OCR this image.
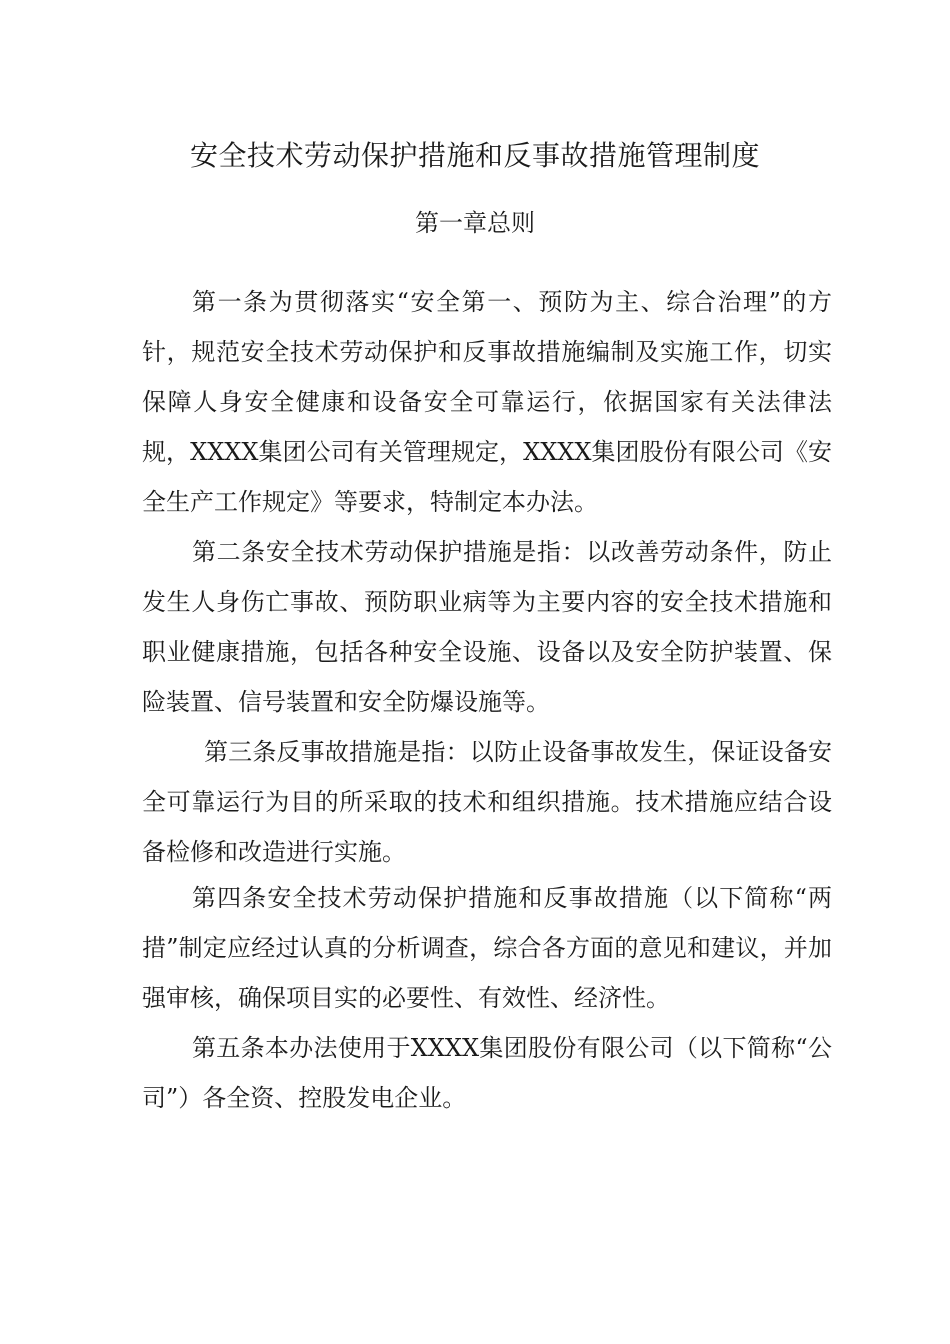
安全技术劳动保护措施和反事故措施管理制度
第一章总则

第一条为贯彻落实“安全第一、预防为主、综合治理”的方针，规范安全技术劳动保护和反事故措施编制及实施工作，切实保障人身安全健康和设备安全可靠运行，依据国家有关法律法规，XXXX集团公司有关管理规定，XXXX集团股份有限公司《安全生产工作规定》等要求，特制定本办法。

第二条安全技术劳动保护措施是指：以改善劳动条件，防止发生人身伤亡事故、预防职业病等为主要内容的安全技术措施和职业健康措施，包括各种安全设施、设备以及安全防护装置、保险装置、信号装置和安全防爆设施等。

第三条反事故措施是指：以防止设备事故发生，保证设备安全可靠运行为目的所采取的技术和组织措施。技术措施应结合设备检修和改造进行实施。

第四条安全技术劳动保护措施和反事故措施（以下简称“两措”制定应经过认真的分析调查，综合各方面的意见和建议，并加强审核，确保项目实的必要性、有效性、经济性。

第五条本办法使用于XXXX集团股份有限公司（以下简称“公司”）各全资、控股发电企业。
